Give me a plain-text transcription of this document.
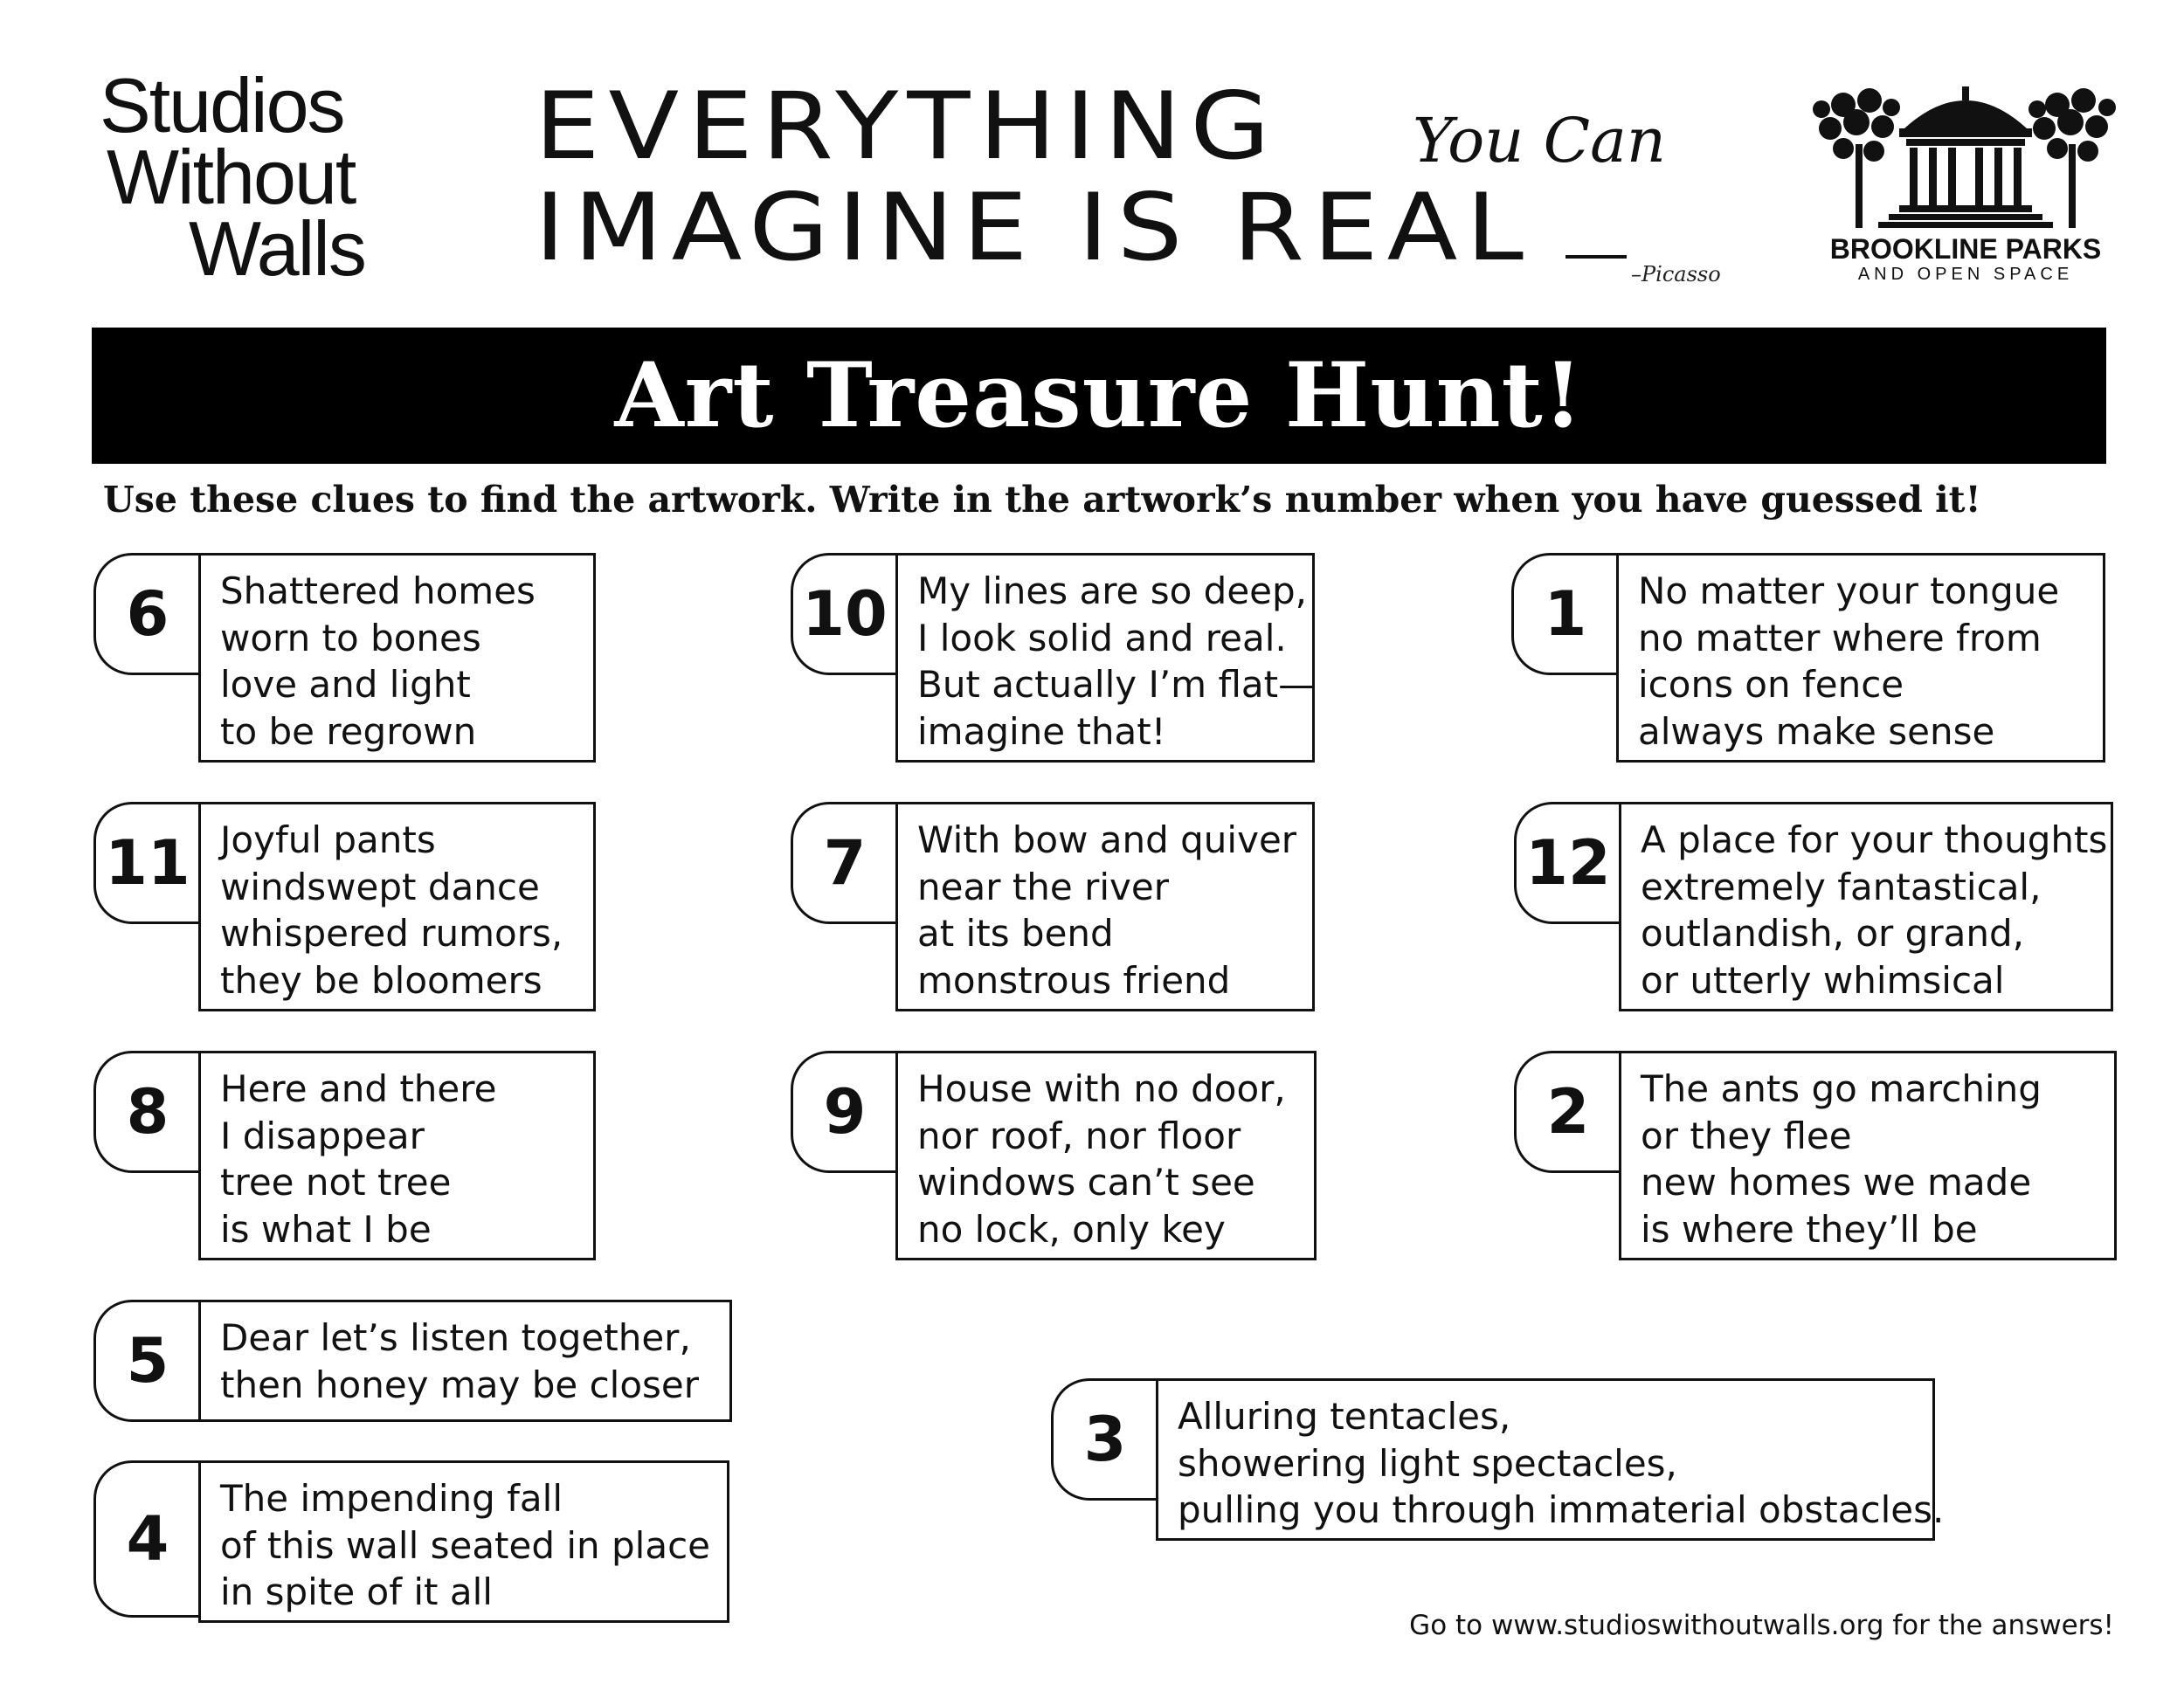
Studios
Without
Walls
EVERYTHING You Can
IMAGINE IS REAL	–Picasso
BROOKLINE PARKS
AND OPEN SPACE
Art Treasure Hunt!
Use these clues to find the artwork. Write in the artwork’s number when you have guessed it!
6	Shattered homes
worn to bones
love and light
to be regrown
10 My lines are so deep,
I look solid and real.
But actually I’m flat—
imagine that!
1	No matter your tongue
no matter where from
icons on fence
always make sense
11 Joyful pants
windswept dance
whispered rumors,
they be bloomers
7	With bow and quiver
near the river
at its bend
monstrous friend
12 A place for your thoughts
extremely fantastical,
outlandish, or grand,
or utterly whimsical
8	Here and there
I disappear
tree not tree
is what I be
9	House with no door,
nor roof, nor floor
windows can’t see
no lock, only key
2	The ants go marching
or they flee
new homes we made
is where they’ll be
5	Dear let’s listen together,
then honey may be closer
4
The impending fall
of this wall seated in place
in spite of it all
3	Alluring tentacles,
showering light spectacles,
pulling you through immaterial obstacles.
Go to www.studioswithoutwalls.org for the answers!
